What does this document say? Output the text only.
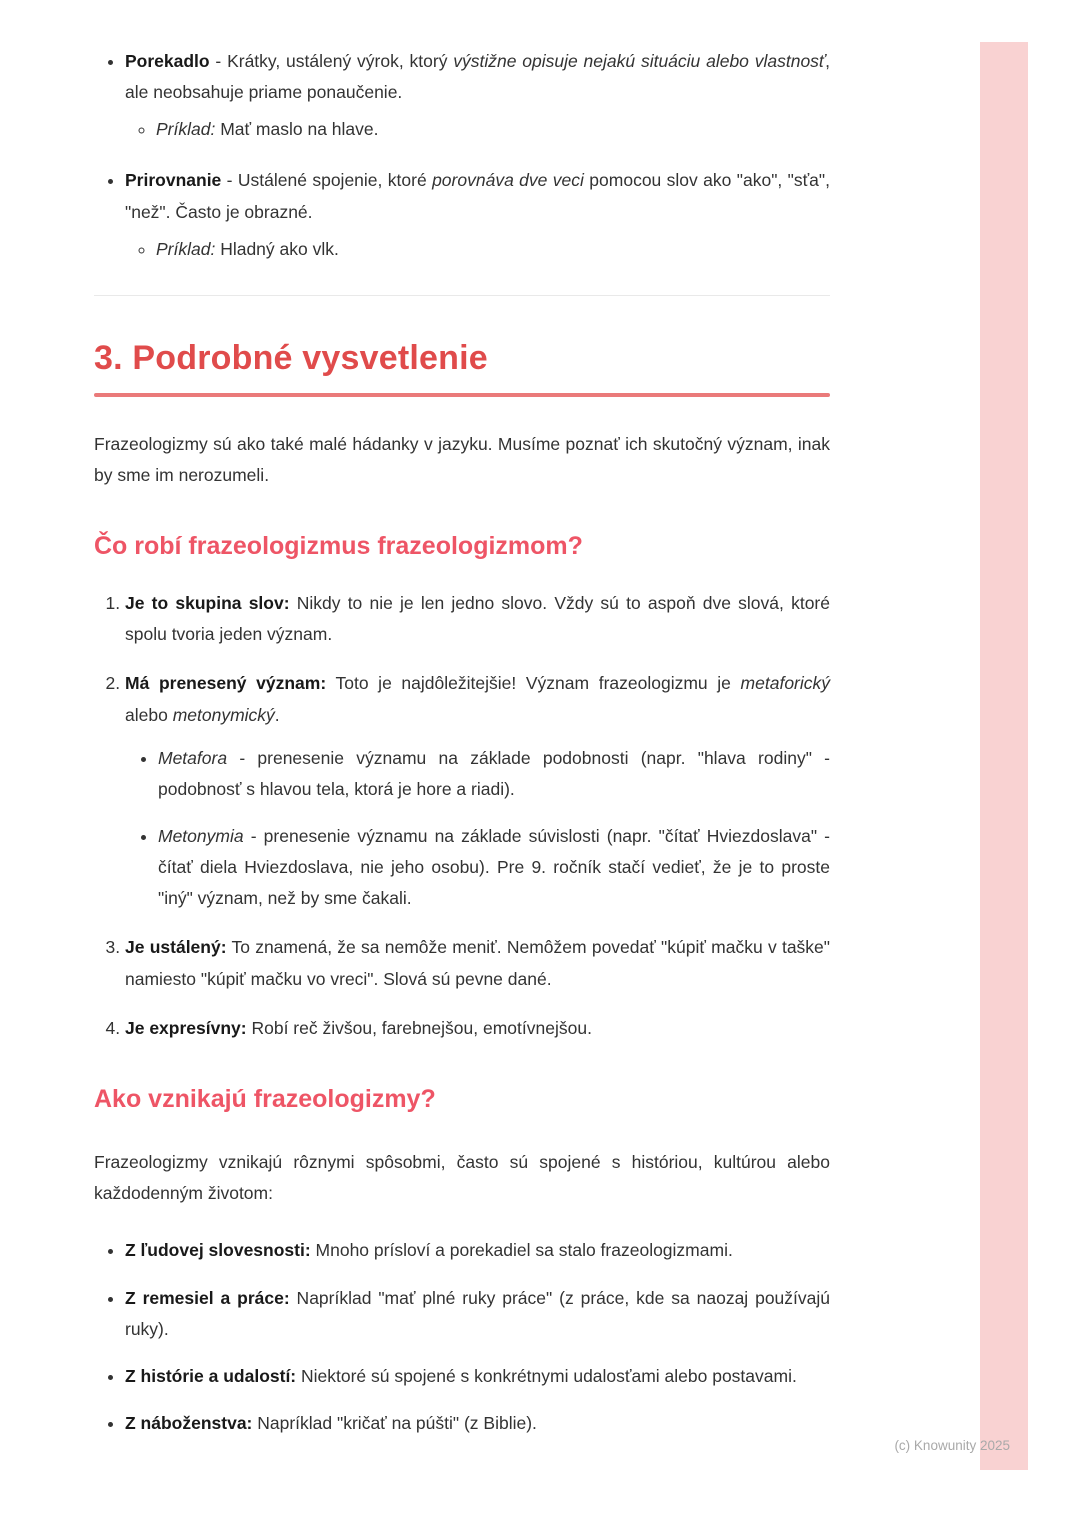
• Porekadlo - Krátky, ustálený výrok, ktorý výstižne opisuje nejakú situáciu alebo vlastnosť, ale neobsahuje priame ponaučenie.
◦ Príklad: Mať maslo na hlave.
• Prirovnanie - Ustálené spojenie, ktoré porovnáva dve veci pomocou slov ako "ako", "sťa", "než". Často je obrazné.
◦ Príklad: Hladný ako vlk.
3. Podrobné vysvetlenie

Frazeologizmy sú ako také malé hádanky v jazyku. Musíme poznať ich skutočný význam, inak by sme im nerozumeli.

Čo robí frazeologizmus frazeologizmom?
1. Je to skupina slov: Nikdy to nie je len jedno slovo. Vždy sú to aspoň dve slová, ktoré spolu tvoria jeden význam.
2. Má prenesený význam: Toto je najdôležitejšie! Význam frazeologizmu je metaforický alebo metonymický.
• Metafora - prenesenie významu na základe podobnosti (napr. "hlava rodiny" - podobnosť s hlavou tela, ktorá je hore a riadi).
• Metonymia - prenesenie významu na základe súvislosti (napr. "čítať Hviezdoslava" - čítať diela Hviezdoslava, nie jeho osobu). Pre 9. ročník stačí vedieť, že je to proste "iný" význam, než by sme čakali.
3. Je ustálený: To znamená, že sa nemôže meniť. Nemôžem povedať "kúpiť mačku v taške" namiesto "kúpiť mačku vo vreci". Slová sú pevne dané.
4. Je expresívny: Robí reč živšou, farebnejšou, emotívnejšou.
Ako vznikajú frazeologizmy?

Frazeologizmy vznikajú rôznymi spôsobmi, často sú spojené s históriou, kultúrou alebo každodenným životom:

• Z ľudovej slovesnosti: Mnoho prísloví a porekadiel sa stalo frazeologizmami.
• Z remesiel a práce: Napríklad "mať plné ruky práce" (z práce, kde sa naozaj používajú ruky).
• Z histórie a udalostí: Niektoré sú spojené s konkrétnymi udalosťami alebo postavami.
• Z náboženstva: Napríklad "kričať na púšti" (z Biblie).
(c) Knowunity 2025
